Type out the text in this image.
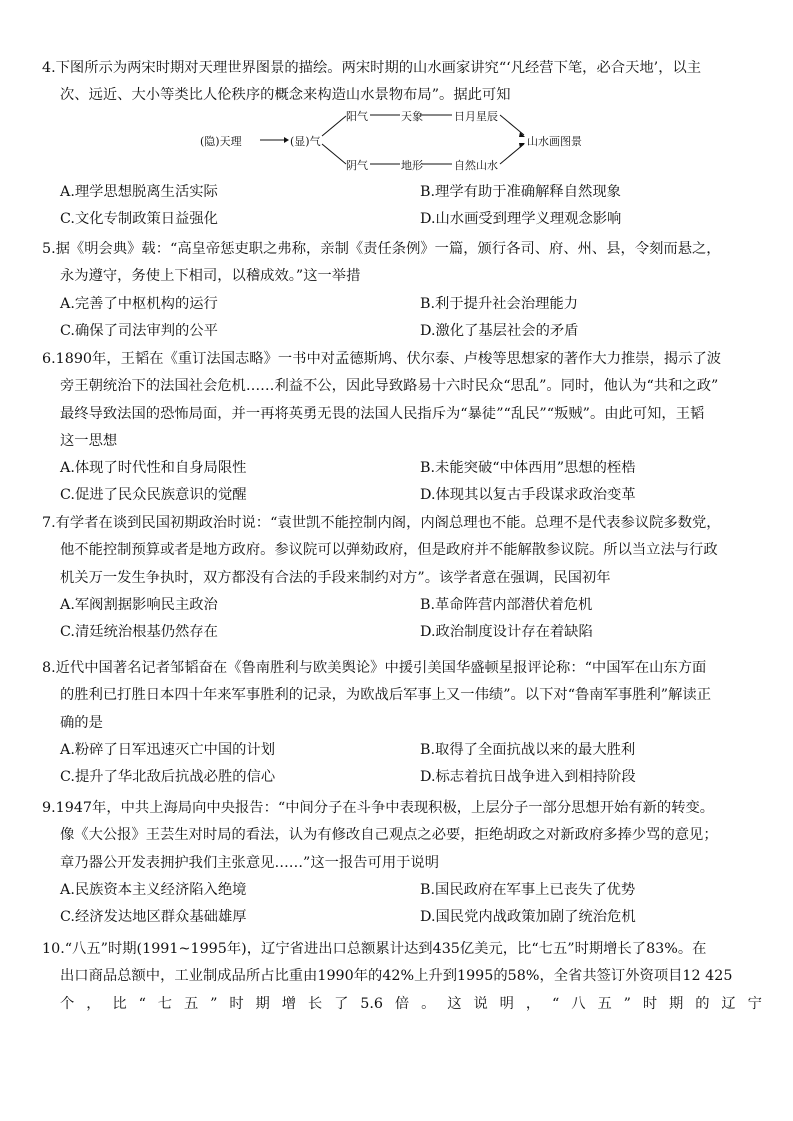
4.下图所示为两宋时期对天理世界图景的描绘。两宋时期的山水画家讲究“‘凡经营下笔，必合天地’，以主
次、远近、大小等类比人伦秩序的概念来构造山水景物布局”。据此可知
(隐)天理	(显)气
阳气	天象	日月星辰
阴气	地形	自然山水
山水画图景
A.理学思想脱离生活实际	B.理学有助于准确解释自然现象
C.文化专制政策日益强化	D.山水画受到理学义理观念影响
5.据《明会典》载：“高皇帝惩吏职之弗称，亲制《责任条例》一篇，颁行各司、府、州、县，令刻而悬之，
永为遵守，务使上下相司，以稽成效。”这一举措
A.完善了中枢机构的运行	B.利于提升社会治理能力
C.确保了司法审判的公平	D.激化了基层社会的矛盾
6.1890年，王韬在《重订法国志略》一书中对孟德斯鸠、伏尔泰、卢梭等思想家的著作大力推崇，揭示了波
旁王朝统治下的法国社会危机……利益不公，因此导致路易十六时民众“思乱”。同时，他认为“共和之政”
最终导致法国的恐怖局面，并一再将英勇无畏的法国人民指斥为“暴徒”“乱民”“叛贼”。由此可知，王韬
这一思想
A.体现了时代性和自身局限性	B.未能突破“中体西用”思想的桎梏
C.促进了民众民族意识的觉醒	D.体现其以复古手段谋求政治变革
7.有学者在谈到民国初期政治时说：“袁世凯不能控制内阁，内阁总理也不能。总理不是代表参议院多数党，
他不能控制预算或者是地方政府。参议院可以弹劾政府，但是政府并不能解散参议院。所以当立法与行政
机关万一发生争执时，双方都没有合法的手段来制约对方”。该学者意在强调，民国初年
A.军阀割据影响民主政治	B.革命阵营内部潜伏着危机
C.清廷统治根基仍然存在	D.政治制度设计存在着缺陷
8.近代中国著名记者邹韬奋在《鲁南胜利与欧美舆论》中援引美国华盛顿星报评论称：“中国军在山东方面
的胜利已打胜日本四十年来军事胜利的记录，为欧战后军事上又一伟绩”。以下对“鲁南军事胜利”解读正
确的是
A.粉碎了日军迅速灭亡中国的计划	B.取得了全面抗战以来的最大胜利
C.提升了华北敌后抗战必胜的信心	D.标志着抗日战争进入到相持阶段
9.1947年，中共上海局向中央报告：“中间分子在斗争中表现积极，上层分子一部分思想开始有新的转变。
像《大公报》王芸生对时局的看法，认为有修改自己观点之必要，拒绝胡政之对新政府多捧少骂的意见；
章乃器公开发表拥护我们主张意见……”这一报告可用于说明
A.民族资本主义经济陷入绝境	B.国民政府在军事上已丧失了优势
C.经济发达地区群众基础雄厚	D.国民党内战政策加剧了统治危机
10.“八五”时期(1991~1995年)，辽宁省进出口总额累计达到435亿美元，比“七五”时期增长了83%。在
出口商品总额中，工业制成品所占比重由1990年的42%上升到1995的58%，全省共签订外资项目12 425
个 ， 比 “ 七 五 ” 时 期 增 长 了 5.6 倍 。 这 说 明 ， “ 八 五 ” 时 期 的 辽 宁
